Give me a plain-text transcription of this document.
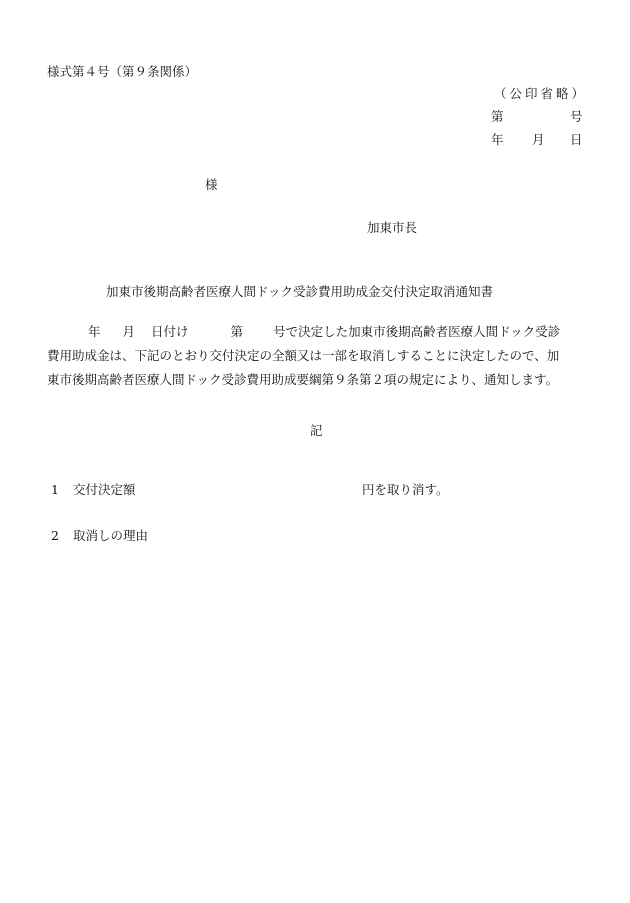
様式第４号（第９条関係）
（公印省略）
第	号
年 月 日
様
加東市長
加東市後期高齢者医療人間ドック受診費用助成金交付決定取消通知書

年 月 日付け	第 号で決定した加東市後期高齢者医療人間ドック受診

費用助成金は、下記のとおり交付決定の全額又は一部を取消しすることに決定したので、加

東市後期高齢者医療人間ドック受診費用助成要綱第９条第２項の規定により、通知します。

記
1 交付決定額	円を取り消す。
2 取消しの理由
